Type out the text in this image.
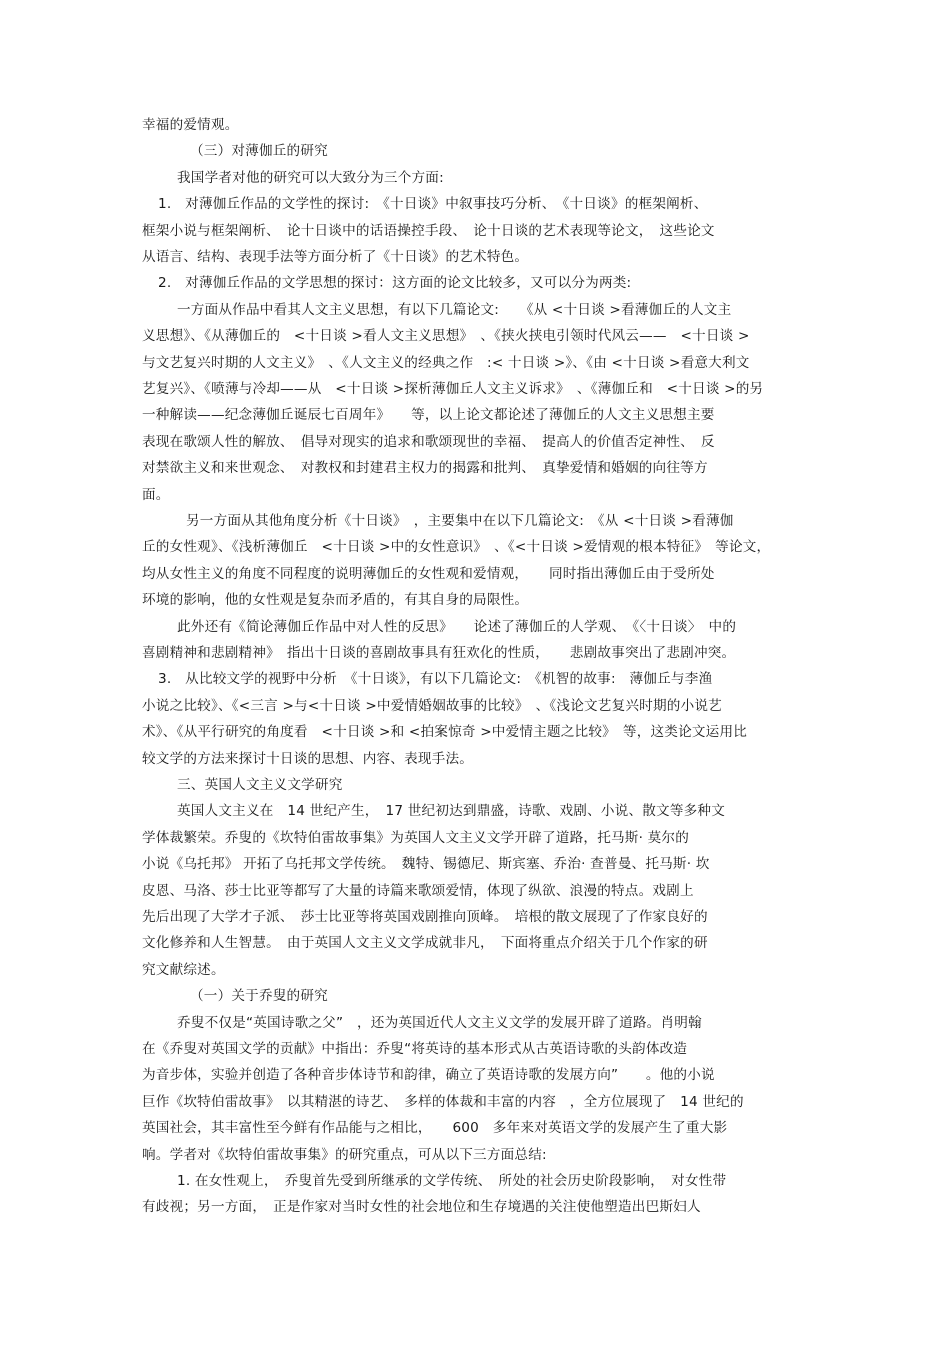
幸福的爱情观。
（三）对薄伽丘的研究
我国学者对他的研究可以大致分为三个方面:
1.　对薄伽丘作品的文学性的探讨:　《十日谈》中叙事技巧分析、　《十日谈》的框架阐析、
框架小说与框架阐析、　论十日谈中的话语操控手段、　论十日谈的艺术表现等论文，　这些论文
从语言、结构、表现手法等方面分析了《十日谈》的艺术特色。
2.　对薄伽丘作品的文学思想的探讨：这方面的论文比较多，又可以分为两类:
一方面从作品中看其人文主义思想，有以下几篇论文:　　《从 <十日谈 >看薄伽丘的人文主
义思想》、《从薄伽丘的　<十日谈 >看人文主义思想》　、《挟火挟电引领时代风云——　<十日谈 >
与文艺复兴时期的人文主义》　、《人文主义的经典之作　:< 十日谈 >》、《由 <十日谈 >看意大利文
艺复兴》、《喷薄与冷却——从　<十日谈 >探析薄伽丘人文主义诉求》　、《薄伽丘和　<十日谈 >的另
一种解读——纪念薄伽丘诞辰七百周年》　　等，以上论文都论述了薄伽丘的人文主义思想主要
表现在歌颂人性的解放、　倡导对现实的追求和歌颂现世的幸福、　提高人的价值否定神性、　反
对禁欲主义和来世观念、　对教权和封建君主权力的揭露和批判、　真挚爱情和婚姻的向往等方
面。
另一方面从其他角度分析《十日谈》　，主要集中在以下几篇论文:　《从 <十日谈 >看薄伽
丘的女性观》、《浅析薄伽丘　<十日谈 >中的女性意识》　、《<十日谈 >爱情观的根本特征》　等论文，
均从女性主义的角度不同程度的说明薄伽丘的女性观和爱情观，　　同时指出薄伽丘由于受所处
环境的影响，他的女性观是复杂而矛盾的，有其自身的局限性。
此外还有《简论薄伽丘作品中对人性的反思》　　论述了薄伽丘的人学观、　《〈十日谈〉　中的
喜剧精神和悲剧精神》　指出十日谈的喜剧故事具有狂欢化的性质，　　悲剧故事突出了悲剧冲突。
3.　从比较文学的视野中分析　《十日谈》，有以下几篇论文:　《机智的故事:　薄伽丘与李渔
小说之比较》、《<三言 >与<十日谈 >中爱情婚姻故事的比较》　、《浅论文艺复兴时期的小说艺
术》、《从平行研究的角度看　<十日谈 >和 <拍案惊奇 >中爱情主题之比较》　等，这类论文运用比
较文学的方法来探讨十日谈的思想、内容、表现手法。
三、英国人文主义文学研究
英国人文主义在　14 世纪产生，　17 世纪初达到鼎盛，诗歌、戏剧、小说、散文等多种文
学体裁繁荣。乔叟的《坎特伯雷故事集》为英国人文主义文学开辟了道路，托马斯· 莫尔的
小说《乌托邦》 开拓了乌托邦文学传统。　魏特、锡德尼、斯宾塞、乔治· 查普曼、托马斯· 坎
皮恩、马洛、莎士比亚等都写了大量的诗篇来歌颂爱情，体现了纵欲、浪漫的特点。戏剧上
先后出现了大学才子派、　莎士比亚等将英国戏剧推向顶峰。　培根的散文展现了了作家良好的
文化修养和人生智慧。　由于英国人文主义文学成就非凡，　下面将重点介绍关于几个作家的研
究文献综述。
（一）关于乔叟的研究
乔叟不仅是“英国诗歌之父”　，还为英国近代人文主义文学的发展开辟了道路。肖明翰
在《乔叟对英国文学的贡献》中指出：乔叟“将英诗的基本形式从古英语诗歌的头韵体改造
为音步体，实验并创造了各种音步体诗节和韵律，确立了英语诗歌的发展方向”　　。他的小说
巨作《坎特伯雷故事》　以其精湛的诗艺、　多样的体裁和丰富的内容　，全方位展现了　14 世纪的
英国社会，其丰富性至今鲜有作品能与之相比，　　600　多年来对英语文学的发展产生了重大影
响。学者对《坎特伯雷故事集》的研究重点，可从以下三方面总结:
1. 在女性观上，　乔叟首先受到所继承的文学传统、　所处的社会历史阶段影响，　对女性带
有歧视；另一方面，　正是作家对当时女性的社会地位和生存境遇的关注使他塑造出巴斯妇人
